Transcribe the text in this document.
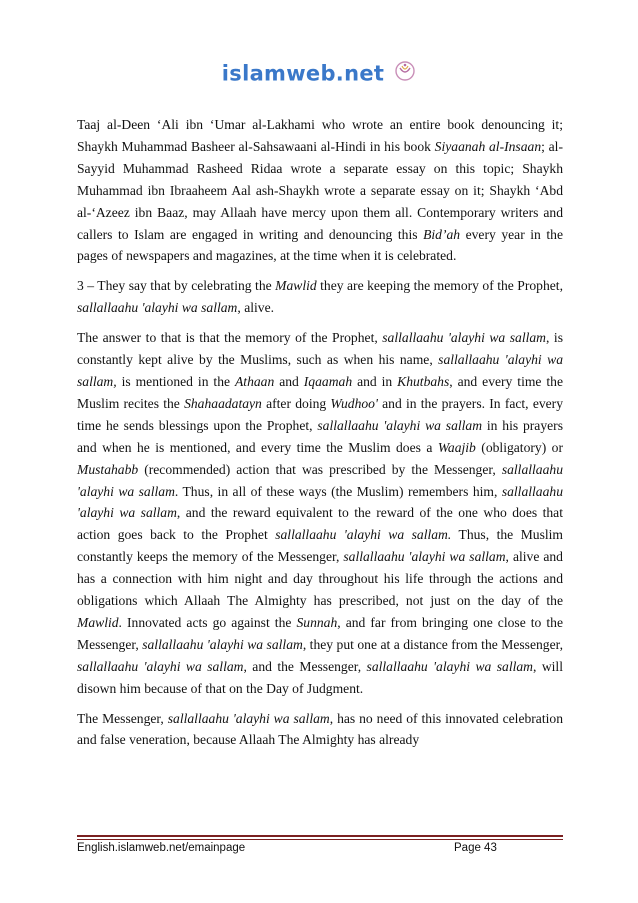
islamweb.net

Taaj al-Deen ‘Ali ibn ‘Umar al-Lakhami who wrote an entire book denouncing it; Shaykh Muhammad Basheer al-Sahsawaani al-Hindi in his book Siyaanah al-Insaan; al-Sayyid Muhammad Rasheed Ridaa wrote a separate essay on this topic; Shaykh Muhammad ibn Ibraaheem Aal ash-Shaykh wrote a separate essay on it; Shaykh ‘Abd al-‘Azeez ibn Baaz, may Allaah have mercy upon them all. Contemporary writers and callers to Islam are engaged in writing and denouncing this Bid’ah every year in the pages of newspapers and magazines, at the time when it is celebrated.

3 – They say that by celebrating the Mawlid they are keeping the memory of the Prophet, sallallaahu 'alayhi wa sallam, alive.

The answer to that is that the memory of the Prophet, sallallaahu 'alayhi wa sallam, is constantly kept alive by the Muslims, such as when his name, sallallaahu 'alayhi wa sallam, is mentioned in the Athaan and Iqaamah and in Khutbahs, and every time the Muslim recites the Shahaadatayn after doing Wudhoo' and in the prayers. In fact, every time he sends blessings upon the Prophet, sallallaahu 'alayhi wa sallam in his prayers and when he is mentioned, and every time the Muslim does a Waajib (obligatory) or Mustahabb (recommended) action that was prescribed by the Messenger, sallallaahu 'alayhi wa sallam. Thus, in all of these ways (the Muslim) remembers him, sallallaahu 'alayhi wa sallam, and the reward equivalent to the reward of the one who does that action goes back to the Prophet sallallaahu 'alayhi wa sallam. Thus, the Muslim constantly keeps the memory of the Messenger, sallallaahu 'alayhi wa sallam, alive and has a connection with him night and day throughout his life through the actions and obligations which Allaah The Almighty has prescribed, not just on the day of the Mawlid. Innovated acts go against the Sunnah, and far from bringing one close to the Messenger, sallallaahu 'alayhi wa sallam, they put one at a distance from the Messenger, sallallaahu 'alayhi wa sallam, and the Messenger, sallallaahu 'alayhi wa sallam, will disown him because of that on the Day of Judgment.

The Messenger, sallallaahu 'alayhi wa sallam, has no need of this innovated celebration and false veneration, because Allaah The Almighty has already

English.islamweb.net/emainpage	Page 43
